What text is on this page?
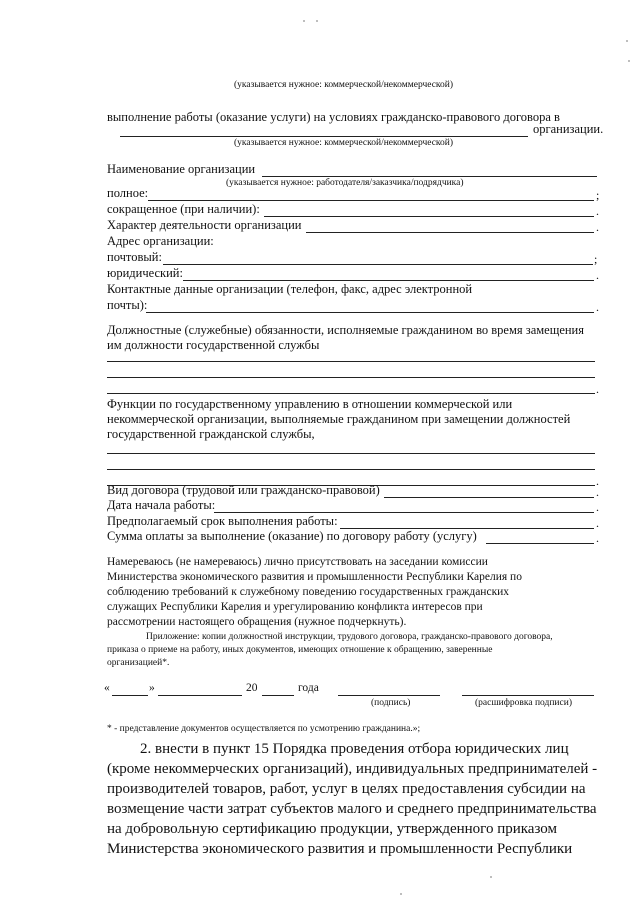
(указывается нужное: коммерческой/некоммерческой)
выполнение работы (оказание услуги) на условиях гражданско-правового договора в
организации.
(указывается нужное: коммерческой/некоммерческой)
Наименование организации
(указывается нужное: работодателя/заказчика/подрядчика)
полное:	;
сокращенное (при наличии):	.
Характер деятельности организации	.
Адрес организации:
почтовый:	;
юридический:	.
Контактные данные организации (телефон, факс, адрес электронной
почты):	.
Должностные (служебные) обязанности, исполняемые гражданином во время замещения
им должности государственной службы
.
Функции по государственному управлению в отношении коммерческой или
некоммерческой организации, выполняемые гражданином при замещении должностей
государственной гражданской службы,
.
Вид договора (трудовой или гражданско-правовой)	.
Дата начала работы:	.
Предполагаемый срок выполнения работы:	.
Сумма оплаты за выполнение (оказание) по договору работу (услугу)	.
Намереваюсь (не намереваюсь) лично присутствовать на заседании комиссии
Министерства экономического развития и промышленности Республики Карелия по
соблюдению требований к служебному поведению государственных гражданских
служащих Республики Карелия и урегулированию конфликта интересов при
рассмотрении настоящего обращения (нужное подчеркнуть).
Приложение: копии должностной инструкции, трудового договора, гражданско-правового договора,
приказа о приеме на работу, иных документов, имеющих отношение к обращению, заверенные
организацией*.
«	»	20	года
(подпись)	(расшифровка подписи)
* - представление документов осуществляется по усмотрению гражданина.»;
2. внести в пункт 15 Порядка проведения отбора юридических лиц
(кроме некоммерческих организаций), индивидуальных предпринимателей -
производителей товаров, работ, услуг в целях предоставления субсидии на
возмещение части затрат субъектов малого и среднего предпринимательства
на добровольную сертификацию продукции, утвержденного приказом
Министерства экономического развития и промышленности Республики
